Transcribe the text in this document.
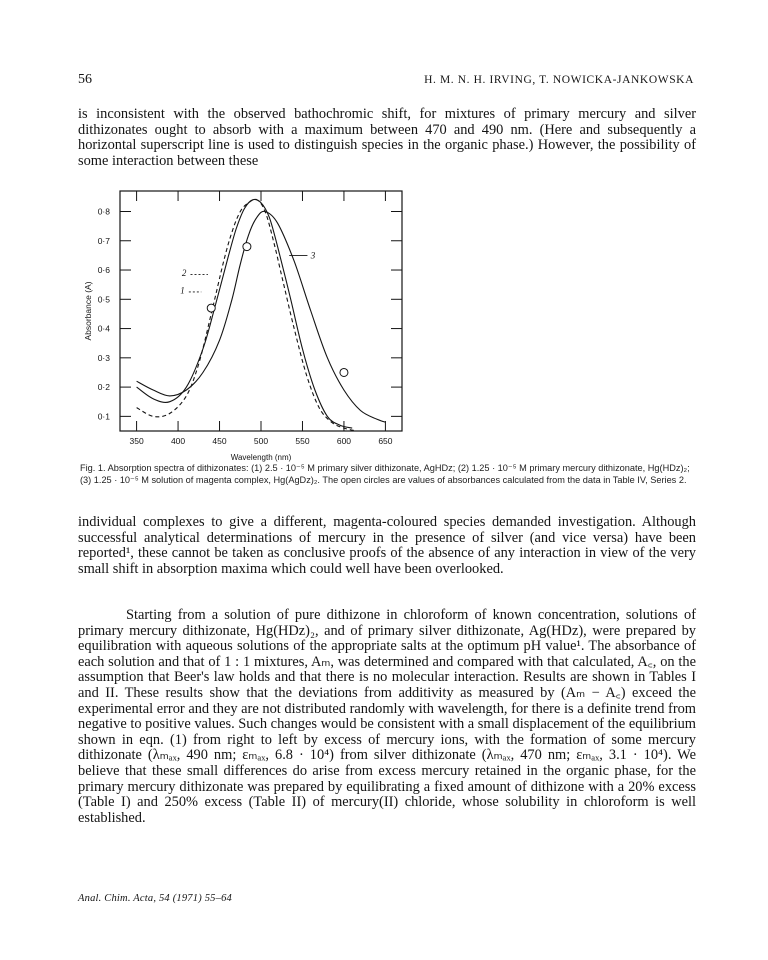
56	H. M. N. H. IRVING, T. NOWICKA-JANKOWSKA

is inconsistent with the observed bathochromic shift, for mixtures of primary mercury and silver dithizonates ought to absorb with a maximum between 470 and 490 nm. (Here and subsequently a horizontal superscript line is used to distinguish species in the organic phase.) However, the possibility of some interaction between these

350	400	450	500	550	600	650
0·1
0·2
0·3
0·4
0·5
0·6
0·7
0·8
1
2
3
Absorbance (A)
Wavelength (nm)

Fig. 1. Absorption spectra of dithizonates: (1) 2.5 · 10⁻⁵ M primary silver dithizonate, AgHDz; (2) 1.25 · 10⁻⁵ M primary mercury dithizonate, Hg(HDz)₂; (3) 1.25 · 10⁻⁵ M solution of magenta complex, Hg(AgDz)₂. The open circles are values of absorbances calculated from the data in Table IV, Series 2.

individual complexes to give a different, magenta-coloured species demanded investigation. Although successful analytical determinations of mercury in the presence of silver (and vice versa) have been reported¹, these cannot be taken as conclusive proofs of the absence of any interaction in view of the very small shift in absorption maxima which could well have been overlooked.

Starting from a solution of pure dithizone in chloroform of known concentration, solutions of primary mercury dithizonate, Hg(HDz)₂, and of primary silver dithizonate, Ag(HDz), were prepared by equilibration with aqueous solutions of the appropriate salts at the optimum pH value¹. The absorbance of each solution and that of 1 : 1 mixtures, Aₘ, was determined and compared with that calculated, A꜀, on the assumption that Beer's law holds and that there is no molecular interaction. Results are shown in Tables I and II. These results show that the deviations from additivity as measured by (Aₘ − A꜀) exceed the experimental error and they are not distributed randomly with wavelength, for there is a definite trend from negative to positive values. Such changes would be consistent with a small displacement of the equilibrium shown in eqn. (1) from right to left by excess of mercury ions, with the formation of some mercury dithizonate (λₘₐₓ, 490 nm; εₘₐₓ, 6.8 · 10⁴) from silver dithizonate (λₘₐₓ, 470 nm; εₘₐₓ, 3.1 · 10⁴). We believe that these small differences do arise from excess mercury retained in the organic phase, for the primary mercury dithizonate was prepared by equilibrating a fixed amount of dithizone with a 20% excess (Table I) and 250% excess (Table II) of mercury(II) chloride, whose solubility in chloroform is well established.

Anal. Chim. Acta, 54 (1971) 55–64
